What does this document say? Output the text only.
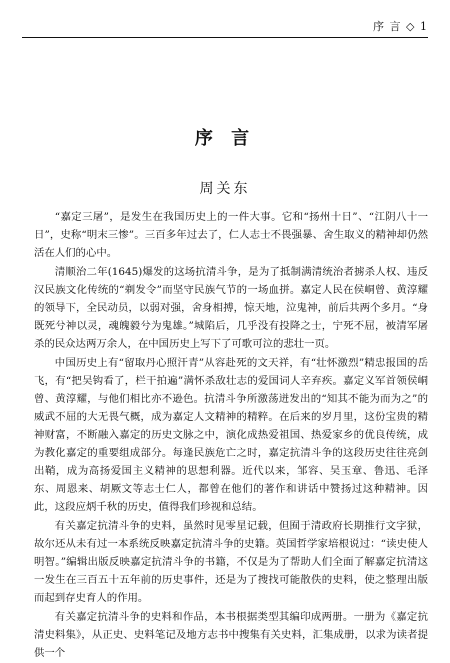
序 言 ◇ 1
序 言
周关东

“嘉定三屠”，是发生在我国历史上的一件大事。它和“扬州十日”、“江阴八十一日”，史称“明末三惨”。三百多年过去了，仁人志士不畏强暴、舍生取义的精神却仍然活在人们的心中。

清顺治二年(1645)爆发的这场抗清斗争，是为了抵制满清统治者掳杀人权、违反汉民族文化传统的“剃发令”而坚守民族气节的一场血拼。嘉定人民在侯峒曾、黄淳耀的领导下，全民动员，以弱对强，舍身相搏，惊天地，泣鬼神，前后共两个多月。“身既死兮神以灵，魂魄毅兮为鬼雄。”城陷后，几乎没有投降之士，宁死不屈，被清军屠杀的民众达两万余人，在中国历史上写下了可歌可泣的悲壮一页。

中国历史上有“留取丹心照汗青”从容赴死的文天祥，有“壮怀激烈”精忠报国的岳飞，有“把吴钩看了，栏干拍遍”满怀杀敌壮志的爱国词人辛弃疾。嘉定义军首领侯峒曾、黄淳耀，与他们相比亦不逊色。抗清斗争所激荡迸发出的“知其不能为而为之”的威武不屈的大无畏气概，成为嘉定人文精神的精粹。在后来的岁月里，这份宝贵的精神财富，不断融入嘉定的历史文脉之中，演化成热爱祖国、热爱家乡的优良传统，成为教化嘉定的重要组成部分。每逢民族危亡之时，嘉定抗清斗争的这段历史往往亮剑出鞘，成为高扬爱国主义精神的思想利器。近代以来，邹容、吴玉章、鲁迅、毛泽东、周恩来、胡厥文等志士仁人，都曾在他们的著作和讲话中赞扬过这种精神。因此，这段应炳千秋的历史，值得我们珍视和总结。

有关嘉定抗清斗争的史料，虽然时见零星记载，但囿于清政府长期推行文字狱，故尔还从未有过一本系统反映嘉定抗清斗争的史籍。英国哲学家培根说过：“读史使人明智。”编辑出版反映嘉定抗清斗争的书籍，不仅是为了帮助人们全面了解嘉定抗清这一发生在三百五十五年前的历史事件，还是为了搜找可能散佚的史料，使之整理出版而起到存史育人的作用。

有关嘉定抗清斗争的史料和作品，本书根据类型其编印成两册。一册为《嘉定抗清史料集》，从正史、史料笔记及地方志书中搜集有关史料，汇集成册，以求为读者提供一个
